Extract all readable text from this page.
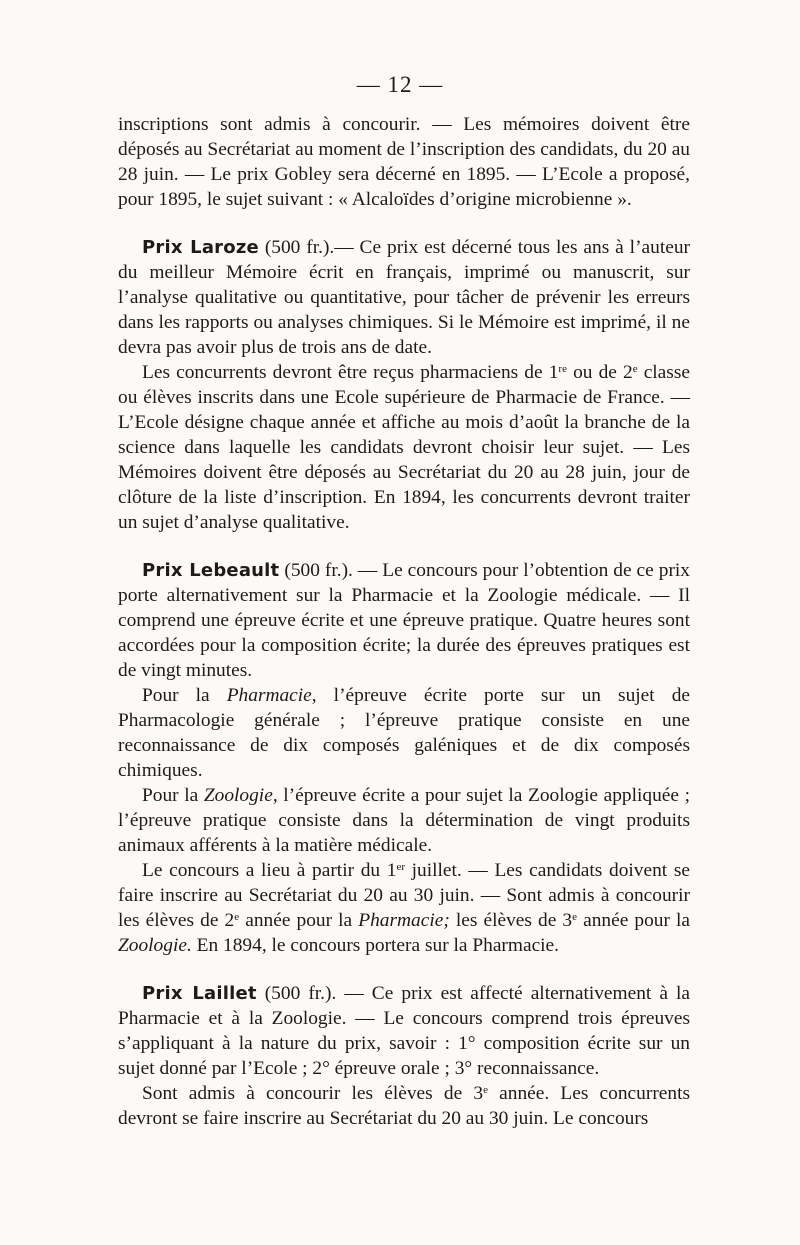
— 12 —

inscriptions sont admis à concourir. — Les mémoires doivent être déposés au Secrétariat au moment de l’inscription des candidats, du 20 au 28 juin. — Le prix Gobley sera décerné en 1895. — L’Ecole a proposé, pour 1895, le sujet suivant : « Alcaloïdes d’origine microbienne ».

Prix Laroze (500 fr.).— Ce prix est décerné tous les ans à l’auteur du meilleur Mémoire écrit en français, imprimé ou manuscrit, sur l’analyse qualitative ou quantitative, pour tâcher de prévenir les erreurs dans les rapports ou analyses chimiques. Si le Mémoire est imprimé, il ne devra pas avoir plus de trois ans de date.

Les concurrents devront être reçus pharmaciens de 1re ou de 2e classe ou élèves inscrits dans une Ecole supérieure de Pharmacie de France. — L’Ecole désigne chaque année et affiche au mois d’août la branche de la science dans laquelle les candidats devront choisir leur sujet. — Les Mémoires doivent être déposés au Secrétariat du 20 au 28 juin, jour de clôture de la liste d’inscription. En 1894, les concurrents devront traiter un sujet d’analyse qualitative.

Prix Lebeault (500 fr.). — Le concours pour l’obtention de ce prix porte alternativement sur la Pharmacie et la Zoologie médicale. — Il comprend une épreuve écrite et une épreuve pratique. Quatre heures sont accordées pour la composition écrite; la durée des épreuves pratiques est de vingt minutes.

Pour la Pharmacie, l’épreuve écrite porte sur un sujet de Pharmacologie générale ; l’épreuve pratique consiste en une reconnaissance de dix composés galéniques et de dix composés chimiques.

Pour la Zoologie, l’épreuve écrite a pour sujet la Zoologie appliquée ; l’épreuve pratique consiste dans la détermination de vingt produits animaux afférents à la matière médicale.

Le concours a lieu à partir du 1er juillet. — Les candidats doivent se faire inscrire au Secrétariat du 20 au 30 juin. — Sont admis à concourir les élèves de 2e année pour la Pharmacie; les élèves de 3e année pour la Zoologie. En 1894, le concours portera sur la Pharmacie.

Prix Laillet (500 fr.). — Ce prix est affecté alternativement à la Pharmacie et à la Zoologie. — Le concours comprend trois épreuves s’appliquant à la nature du prix, savoir : 1° composition écrite sur un sujet donné par l’Ecole ; 2° épreuve orale ; 3° reconnaissance.

Sont admis à concourir les élèves de 3e année. Les concurrents devront se faire inscrire au Secrétariat du 20 au 30 juin. Le concours
